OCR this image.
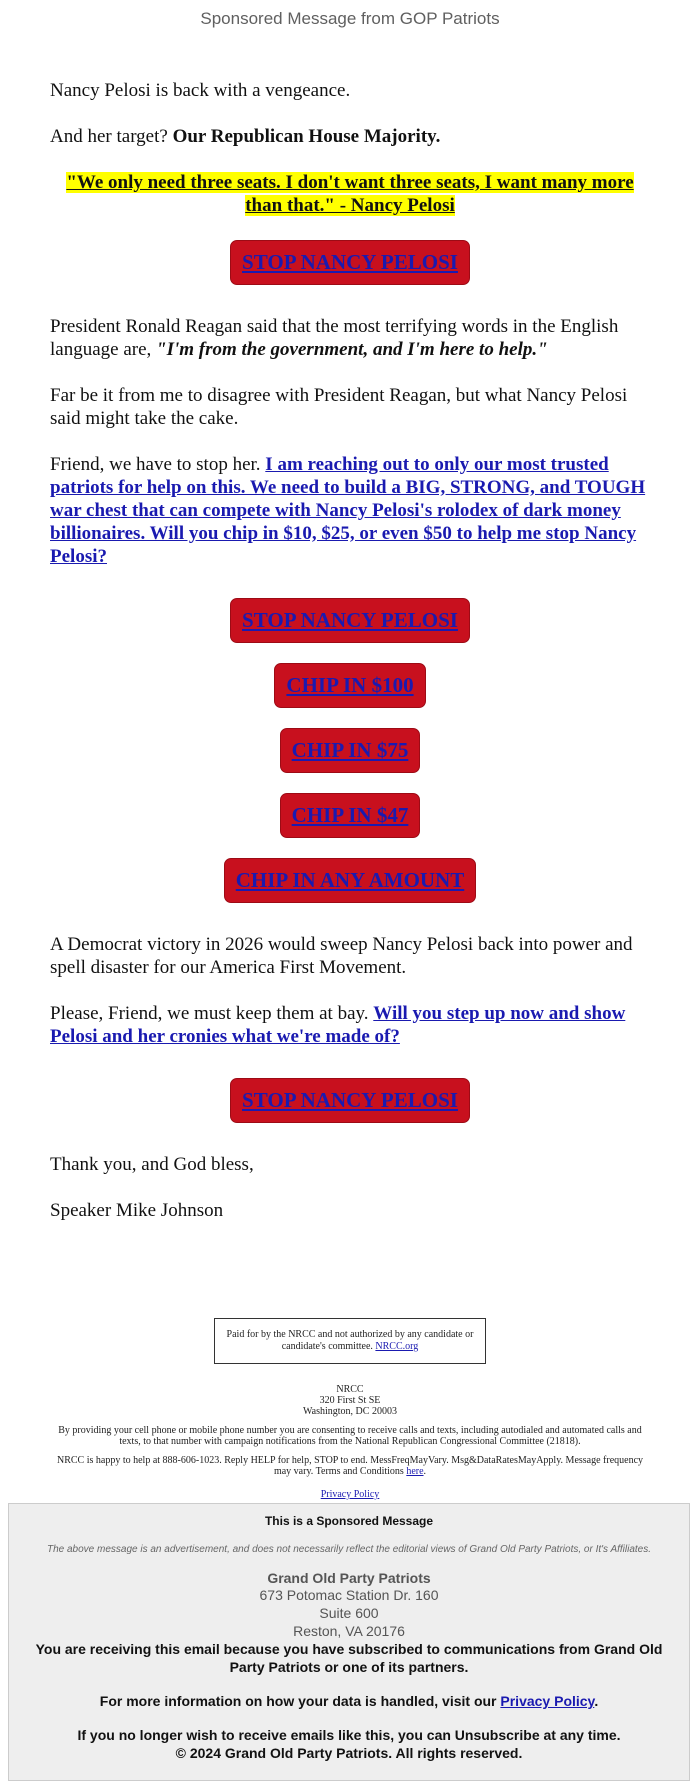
Sponsored Message from GOP Patriots

Nancy Pelosi is back with a vengeance.

And her target? Our Republican House Majority.

"We only need three seats. I don't want three seats, I want many more than that." - Nancy Pelosi

STOP NANCY PELOSI

President Ronald Reagan said that the most terrifying words in the English language are, "I'm from the government, and I'm here to help."

Far be it from me to disagree with President Reagan, but what Nancy Pelosi said might take the cake.

Friend, we have to stop her. I am reaching out to only our most trusted patriots for help on this. We need to build a BIG, STRONG, and TOUGH war chest that can compete with Nancy Pelosi's rolodex of dark money billionaires. Will you chip in $10, $25, or even $50 to help me stop Nancy Pelosi?

STOP NANCY PELOSI
CHIP IN $100
CHIP IN $75
CHIP IN $47
CHIP IN ANY AMOUNT

A Democrat victory in 2026 would sweep Nancy Pelosi back into power and spell disaster for our America First Movement.

Please, Friend, we must keep them at bay. Will you step up now and show Pelosi and her cronies what we're made of?

STOP NANCY PELOSI

Thank you, and God bless,

Speaker Mike Johnson

Paid for by the NRCC and not authorized by any candidate or candidate's committee. NRCC.org
NRCC
320 First St SE
Washington, DC 20003
By providing your cell phone or mobile phone number you are consenting to receive calls and texts, including autodialed and automated calls and texts, to that number with campaign notifications from the National Republican Congressional Committee (21818).
NRCC is happy to help at 888-606-1023. Reply HELP for help, STOP to end. MessFreqMayVary. Msg&DataRatesMayApply. Message frequency may vary. Terms and Conditions here.
Privacy Policy
This is a Sponsored Message
The above message is an advertisement, and does not necessarily reflect the editorial views of Grand Old Party Patriots, or It's Affiliates.
Grand Old Party Patriots
673 Potomac Station Dr. 160
Suite 600
Reston, VA 20176
You are receiving this email because you have subscribed to communications from Grand Old Party Patriots or one of its partners.
For more information on how your data is handled, visit our Privacy Policy.
If you no longer wish to receive emails like this, you can Unsubscribe at any time.
© 2024 Grand Old Party Patriots. All rights reserved.
